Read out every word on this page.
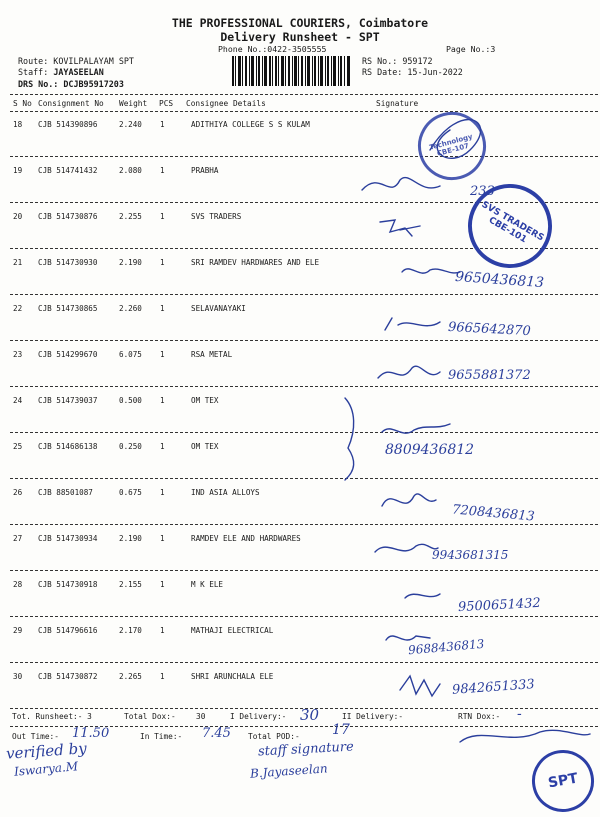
THE PROFESSIONAL COURIERS, Coimbatore
Delivery Runsheet - SPT
Phone No.:0422-3505555	Page No.:3
Route: KOVILPALAYAM SPT
Staff: JAYASEELAN
DRS No.: DCJB95917203
RS No.: 959172
RS Date: 15-Jun-2022
S No Consignment No Weight PCS Consignee Details	Signature
18 CJB 514390896	2.240 1	ADITHIYA COLLEGE S S KULAM
19 CJB 514741432	2.080 1	PRABHA
20 CJB 514730876	2.255 1	SVS TRADERS
21 CJB 514730930	2.190 1	SRI RAMDEV HARDWARES AND ELE
22 CJB 514730865	2.260 1	SELAVANAYAKI
23 CJB 514299670	6.075 1	RSA METAL
24 CJB 514739037	0.500 1	OM TEX
25 CJB 514686138	0.250 1	OM TEX
26 CJB 88501087	0.675 1	IND ASIA ALLOYS
27 CJB 514730934	2.190 1	RAMDEV ELE AND HARDWARES
28 CJB 514730918	2.155 1	M K ELE
29 CJB 514796616	2.170 1	MATHAJI ELECTRICAL
30 CJB 514730872	2.265 1	SHRI ARUNCHALA ELE
Technology CBE-107
SVS TRADERS CBE-101
SPT
233
9650436813
9665642870
9655881372
8809436812
7208436813
9943681315
9500651432
9688436813
9842651333
Tot. Runsheet:- 3	Total Dox:-	30	I Delivery:- 30	II Delivery:-	RTN Dox:- -
Out Time:- 11.50	In Time:- 7.45 Total POD:- 17
verified by
Iswarya.M
staff signature
B.Jayaseelan
